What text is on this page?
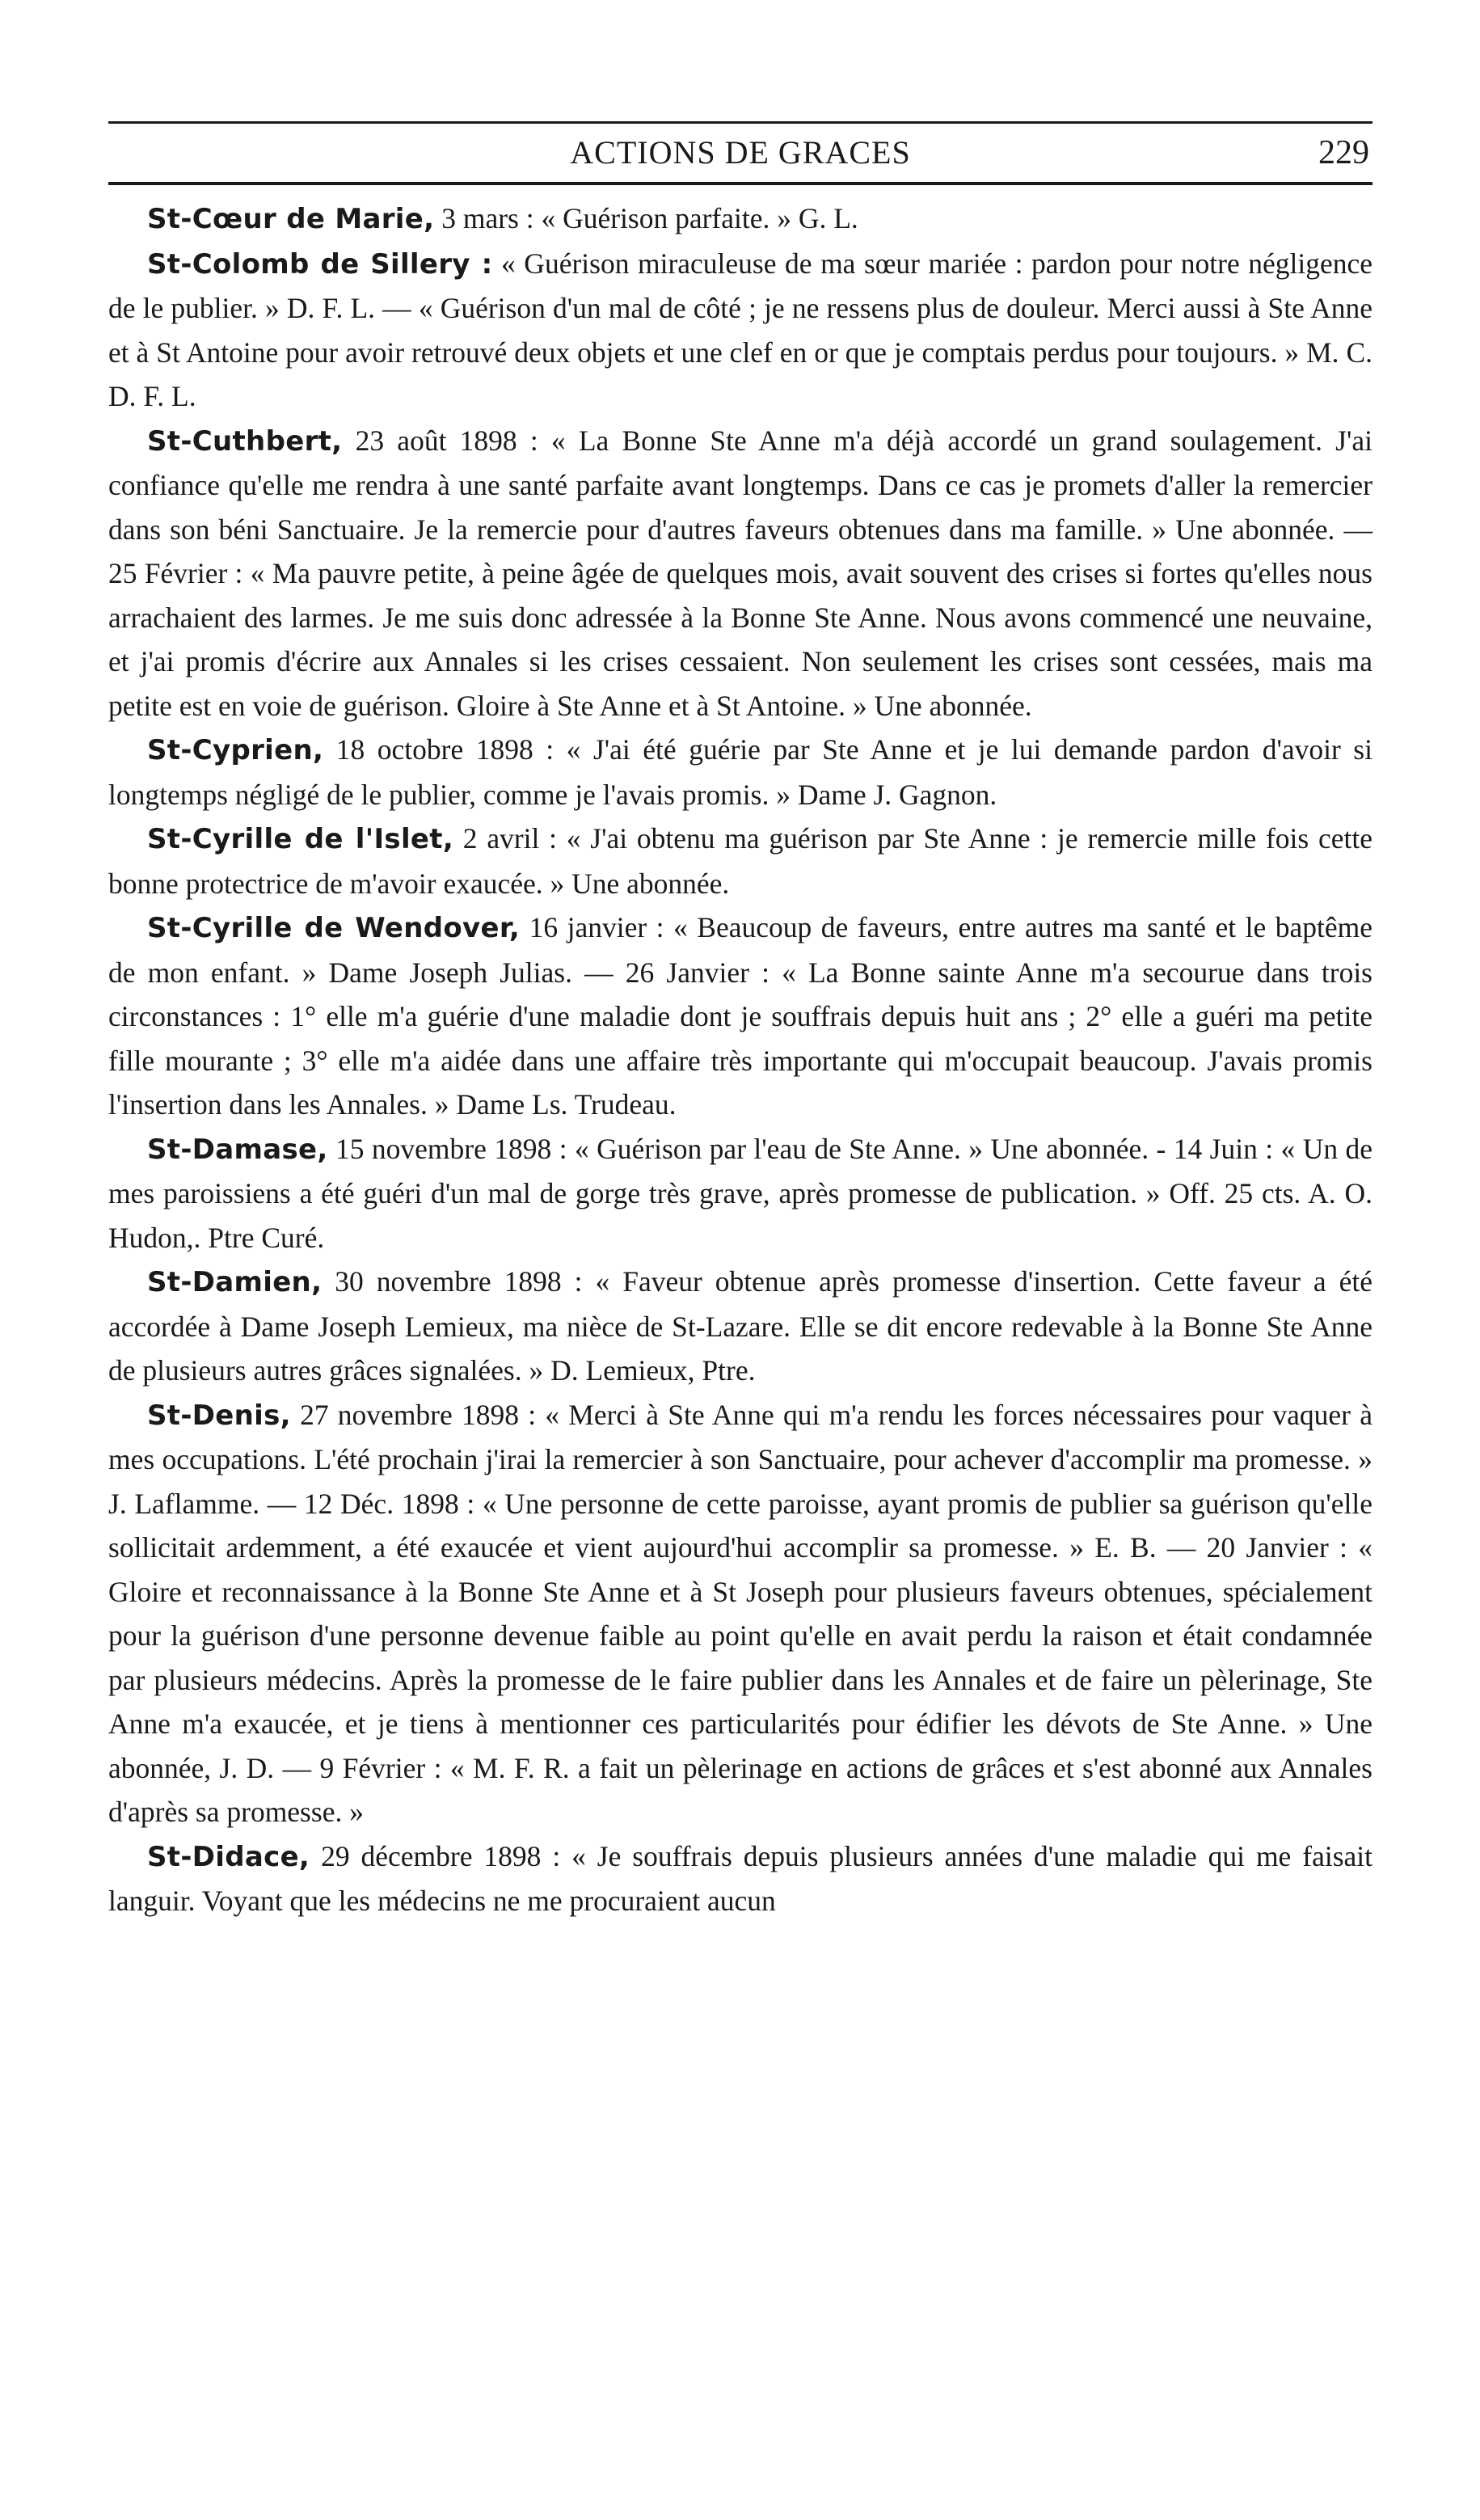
ACTIONS DE GRACES	229

St-Cœur de Marie, 3 mars : « Guérison parfaite. » G. L.

St-Colomb de Sillery : « Guérison miraculeuse de ma sœur mariée : pardon pour notre négligence de le publier. » D. F. L. — « Guérison d'un mal de côté ; je ne ressens plus de douleur. Merci aussi à Ste Anne et à St Antoine pour avoir retrouvé deux objets et une clef en or que je comptais perdus pour toujours. » M. C. D. F. L.

St-Cuthbert, 23 août 1898 : « La Bonne Ste Anne m'a déjà accordé un grand soulagement. J'ai confiance qu'elle me rendra à une santé parfaite avant longtemps. Dans ce cas je promets d'aller la remercier dans son béni Sanctuaire. Je la remercie pour d'autres faveurs obtenues dans ma famille. » Une abonnée. — 25 Février : « Ma pauvre petite, à peine âgée de quelques mois, avait souvent des crises si fortes qu'elles nous arrachaient des larmes. Je me suis donc adressée à la Bonne Ste Anne. Nous avons commencé une neuvaine, et j'ai promis d'écrire aux Annales si les crises cessaient. Non seulement les crises sont cessées, mais ma petite est en voie de guérison. Gloire à Ste Anne et à St Antoine. » Une abonnée.

St-Cyprien, 18 octobre 1898 : « J'ai été guérie par Ste Anne et je lui demande pardon d'avoir si longtemps négligé de le publier, comme je l'avais promis. » Dame J. Gagnon.

St-Cyrille de l'Islet, 2 avril : « J'ai obtenu ma guérison par Ste Anne : je remercie mille fois cette bonne protectrice de m'avoir exaucée. » Une abonnée.

St-Cyrille de Wendover, 16 janvier : « Beaucoup de faveurs, entre autres ma santé et le baptême de mon enfant. » Dame Joseph Julias. — 26 Janvier : « La Bonne sainte Anne m'a secourue dans trois circonstances : 1° elle m'a guérie d'une maladie dont je souffrais depuis huit ans ; 2° elle a guéri ma petite fille mourante ; 3° elle m'a aidée dans une affaire très importante qui m'occupait beaucoup. J'avais promis l'insertion dans les Annales. » Dame Ls. Trudeau.

St-Damase, 15 novembre 1898 : « Guérison par l'eau de Ste Anne. » Une abonnée. - 14 Juin : « Un de mes paroissiens a été guéri d'un mal de gorge très grave, après promesse de publication. » Off. 25 cts. A. O. Hudon,. Ptre Curé.

St-Damien, 30 novembre 1898 : « Faveur obtenue après promesse d'insertion. Cette faveur a été accordée à Dame Joseph Lemieux, ma nièce de St-Lazare. Elle se dit encore redevable à la Bonne Ste Anne de plusieurs autres grâces signalées. » D. Lemieux, Ptre.

St-Denis, 27 novembre 1898 : « Merci à Ste Anne qui m'a rendu les forces nécessaires pour vaquer à mes occupations. L'été prochain j'irai la remercier à son Sanctuaire, pour achever d'accomplir ma promesse. » J. Laflamme. — 12 Déc. 1898 : « Une personne de cette paroisse, ayant promis de publier sa guérison qu'elle sollicitait ardemment, a été exaucée et vient aujourd'hui accomplir sa promesse. » E. B. — 20 Janvier : « Gloire et reconnaissance à la Bonne Ste Anne et à St Joseph pour plusieurs faveurs obtenues, spécialement pour la guérison d'une personne devenue faible au point qu'elle en avait perdu la raison et était condamnée par plusieurs médecins. Après la promesse de le faire publier dans les Annales et de faire un pèlerinage, Ste Anne m'a exaucée, et je tiens à mentionner ces particularités pour édifier les dévots de Ste Anne. » Une abonnée, J. D. — 9 Février : « M. F. R. a fait un pèlerinage en actions de grâces et s'est abonné aux Annales d'après sa promesse. »

St-Didace, 29 décembre 1898 : « Je souffrais depuis plusieurs années d'une maladie qui me faisait languir. Voyant que les médecins ne me procuraient aucun
